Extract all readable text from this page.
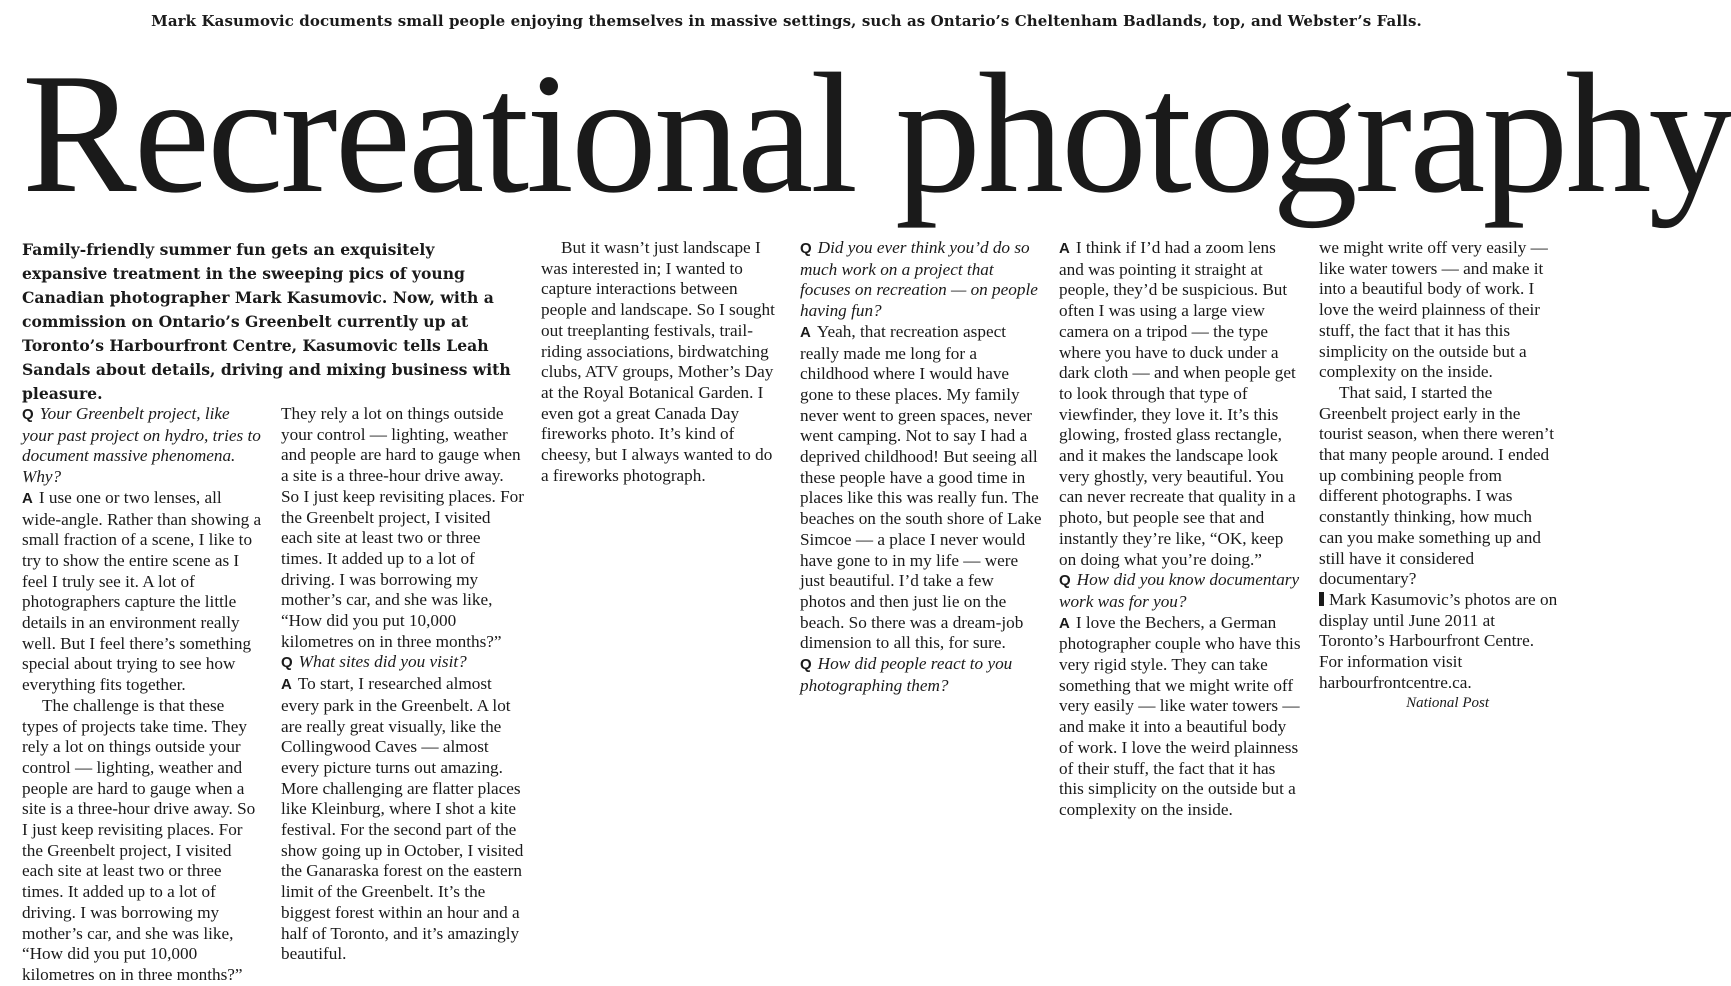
Mark Kasumovic documents small people enjoying themselves in massive settings, such as Ontario’s Cheltenham Badlands, top, and Webster’s Falls.
Recreational photography
Family-friendly summer fun gets an exquisitely expansive treatment in the sweeping pics of young Canadian photographer Mark Kasumovic. Now, with a commission on Ontario’s Greenbelt currently up at Toronto’s Harbourfront Centre, Kasumovic tells Leah Sandals about details, driving and mixing business with pleasure.

Q Your Greenbelt project, like your past project on hydro, tries to document massive phenomena. Why?

A I use one or two lenses, all wide-angle. Rather than showing a small fraction of a scene, I like to try to show the entire scene as I feel I truly see it. A lot of photographers capture the little details in an environment really well. But I feel there’s something special about trying to see how everything fits together.

The challenge is that these types of projects take time. They rely a lot on things outside your control — lighting, weather and people are hard to gauge when a site is a three-hour drive away. So I just keep revisiting places. For the Greenbelt project, I visited each site at least two or three times. It added up to a lot of driving. I was borrowing my mother’s car, and she was like, “How did you put 10,000 kilometres on in three months?”

They rely a lot on things outside your control — lighting, weather and people are hard to gauge when a site is a three-hour drive away. So I just keep revisiting places. For the Greenbelt project, I visited each site at least two or three times. It added up to a lot of driving. I was borrowing my mother’s car, and she was like, “How did you put 10,000 kilometres on in three months?”

Q What sites did you visit?

A To start, I researched almost every park in the Greenbelt. A lot are really great visually, like the Collingwood Caves — almost every picture turns out amazing. More challenging are flatter places like Kleinburg, where I shot a kite festival. For the second part of the show going up in October, I visited the Ganaraska forest on the eastern limit of the Greenbelt. It’s the biggest forest within an hour and a half of Toronto, and it’s amazingly beautiful.

But it wasn’t just landscape I was interested in; I wanted to capture interactions between people and landscape. So I sought out treeplanting festivals, trail-riding associations, birdwatching clubs, ATV groups, Mother’s Day at the Royal Botanical Garden. I even got a great Canada Day fireworks photo. It’s kind of cheesy, but I always wanted to do a fireworks photograph.

Q Did you ever think you’d do so much work on a project that focuses on recreation — on people having fun?

A Yeah, that recreation aspect really made me long for a childhood where I would have gone to these places. My family never went to green spaces, never went camping. Not to say I had a deprived childhood! But seeing all these people have a good time in places like this was really fun. The beaches on the south shore of Lake Simcoe — a place I never would have gone to in my life — were just beautiful. I’d take a few photos and then just lie on the beach. So there was a dream-job dimension to all this, for sure.

Q How did people react to you photographing them?

A I think if I’d had a zoom lens and was pointing it straight at people, they’d be suspicious. But often I was using a large view camera on a tripod — the type where you have to duck under a dark cloth — and when people get to look through that type of viewfinder, they love it. It’s this glowing, frosted glass rectangle, and it makes the landscape look very ghostly, very beautiful. You can never recreate that quality in a photo, but people see that and instantly they’re like, “OK, keep on doing what you’re doing.”

Q How did you know documentary work was for you?

A I love the Bechers, a German photographer couple who have this very rigid style. They can take something that we might write off very easily — like water towers — and make it into a beautiful body of work. I love the weird plainness of their stuff, the fact that it has this simplicity on the outside but a complexity on the inside.

we might write off very easily — like water towers — and make it into a beautiful body of work. I love the weird plainness of their stuff, the fact that it has this simplicity on the outside but a complexity on the inside.

That said, I started the Greenbelt project early in the tourist season, when there weren’t that many people around. I ended up combining people from different photographs. I was constantly thinking, how much can you make something up and still have it considered documentary?

Mark Kasumovic’s photos are on display until June 2011 at Toronto’s Harbourfront Centre. For information visit harbourfrontcentre.ca.

National Post
